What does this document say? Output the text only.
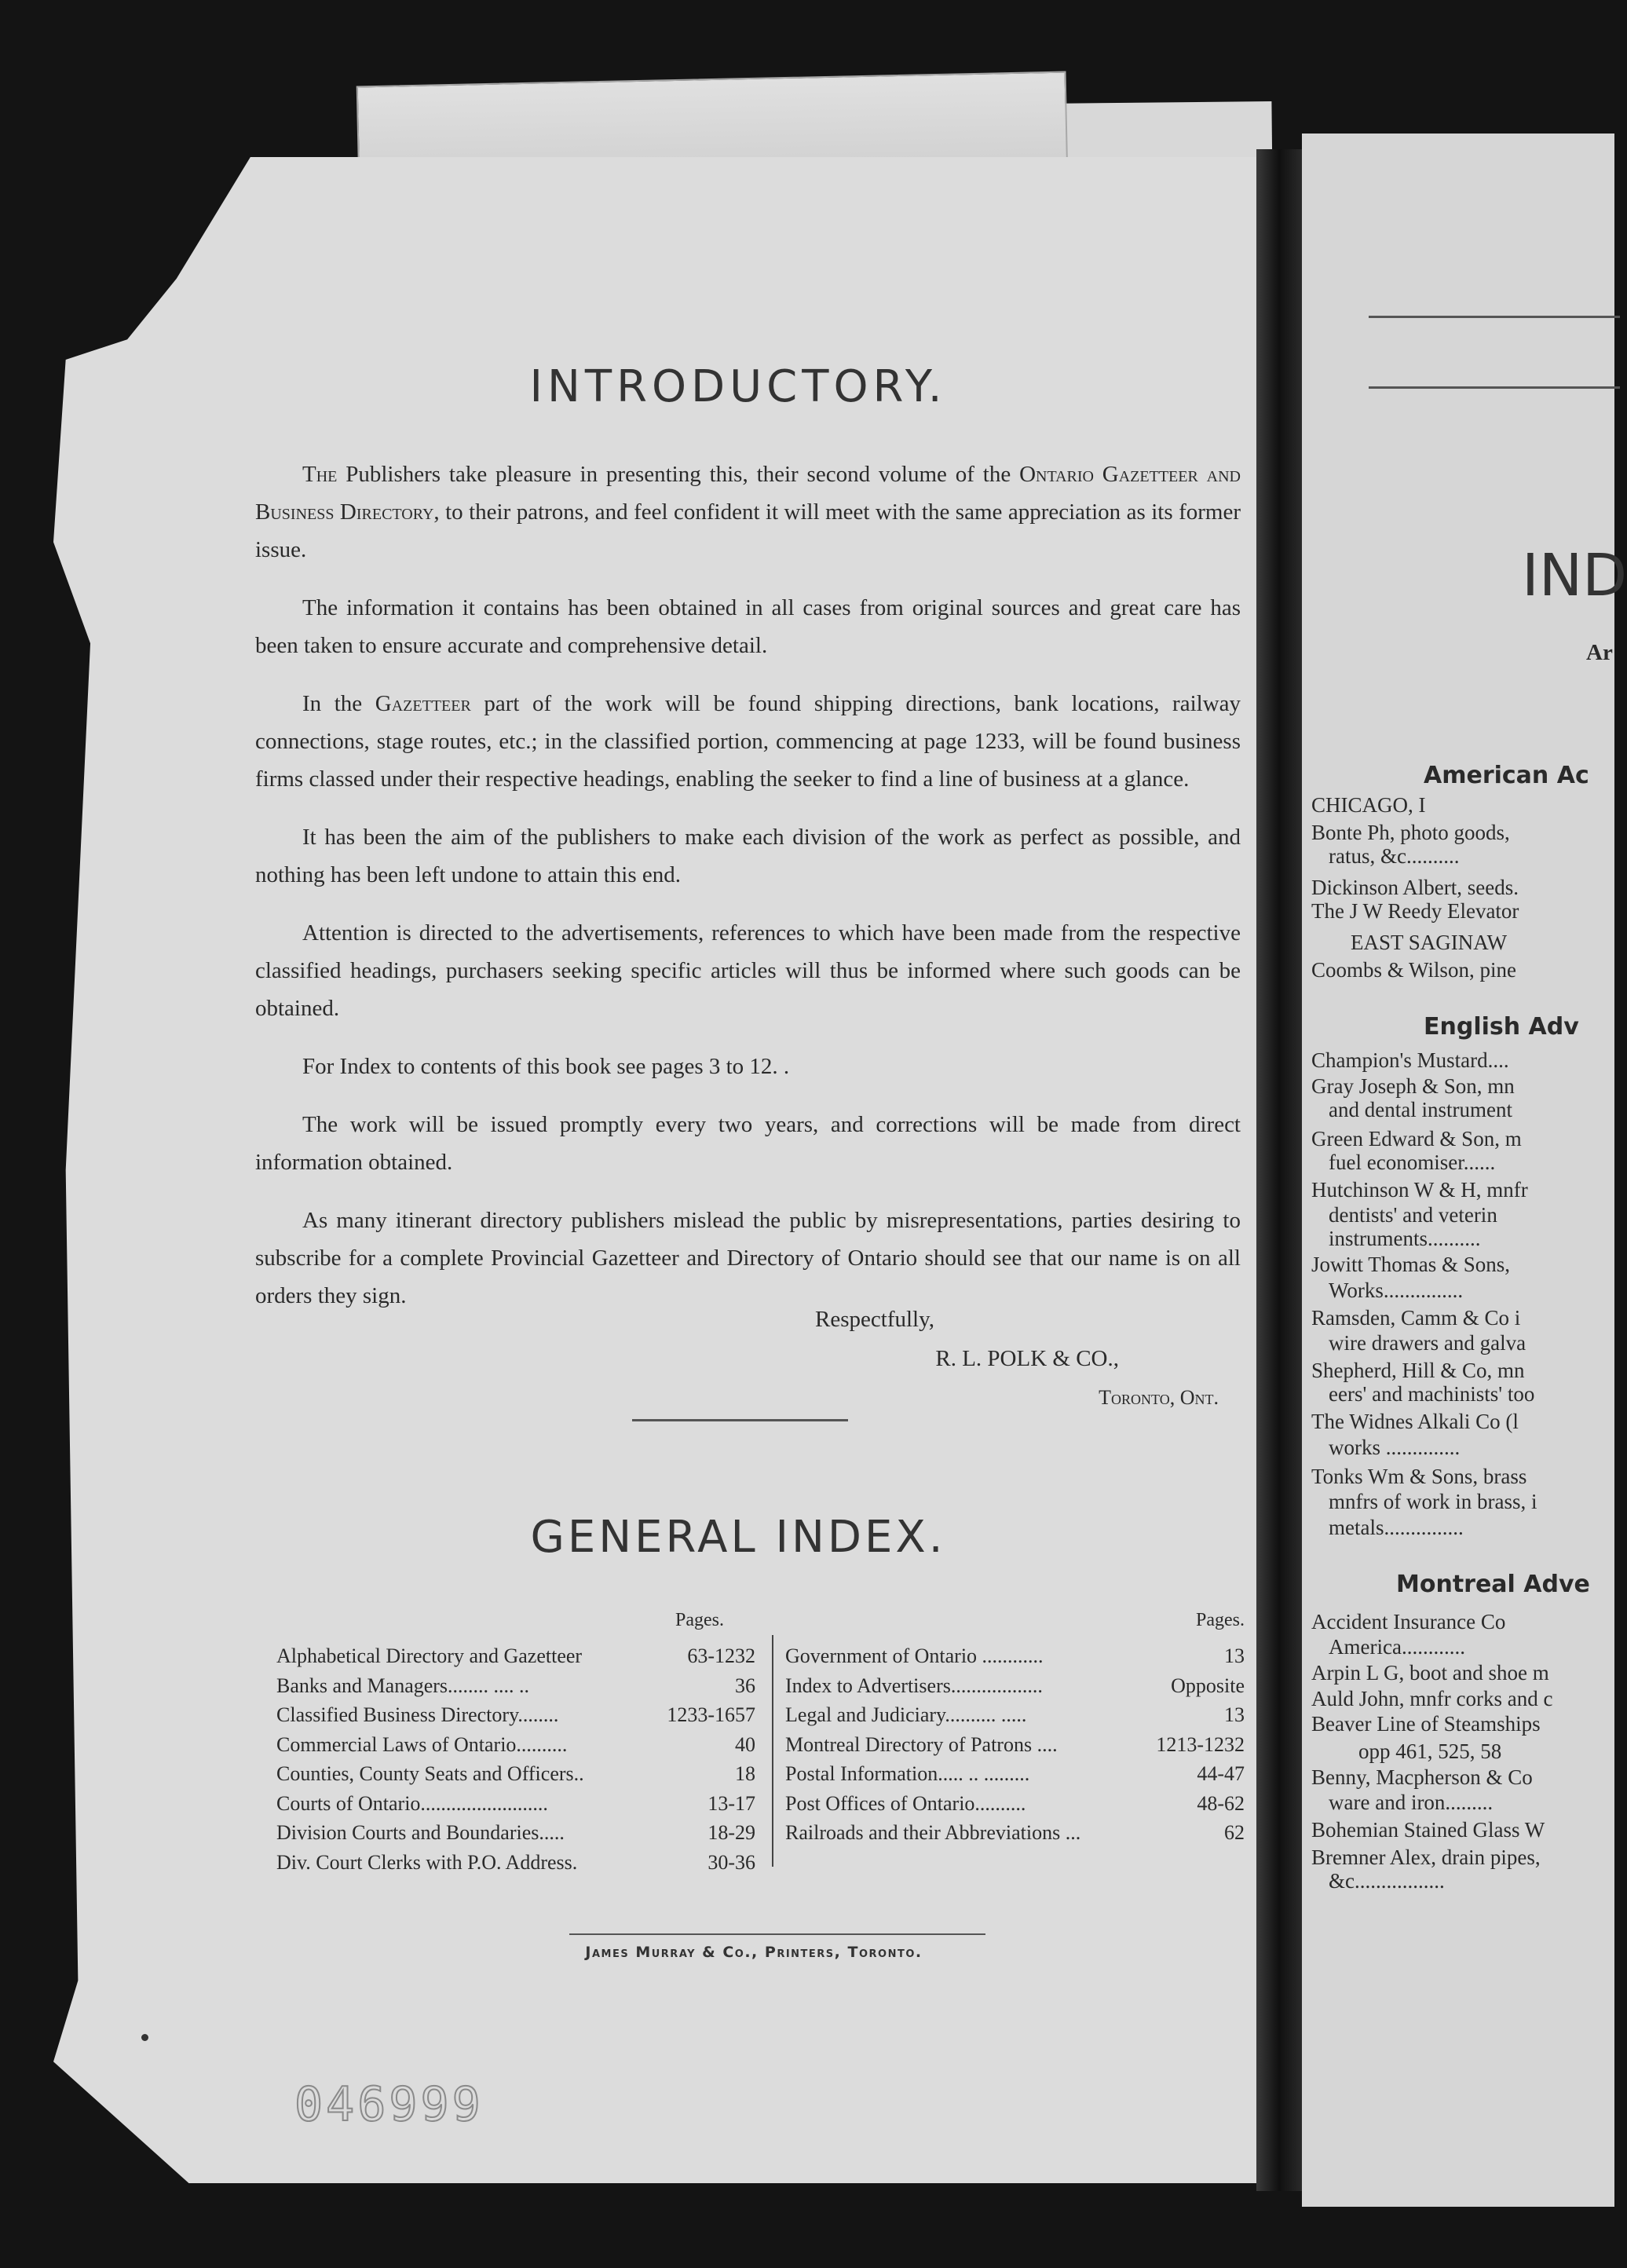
INTRODUCTORY.

The Publishers take pleasure in presenting this, their second volume of the Ontario Gazetteer and Business Directory, to their patrons, and feel confident it will meet with the same appreciation as its former issue.

The information it contains has been obtained in all cases from original sources and great care has been taken to ensure accurate and comprehensive detail.

In the Gazetteer part of the work will be found shipping directions, bank locations, railway connections, stage routes, etc.; in the classified portion, commencing at page 1233, will be found business firms classed under their respective headings, enabling the seeker to find a line of business at a glance.

It has been the aim of the publishers to make each division of the work as perfect as possible, and nothing has been left undone to attain this end.

Attention is directed to the advertisements, references to which have been made from the respective classified headings, purchasers seeking specific articles will thus be informed where such goods can be obtained.

For Index to contents of this book see pages 3 to 12. .

The work will be issued promptly every two years, and corrections will be made from direct information obtained.

As many itinerant directory publishers mislead the public by misrepresentations, parties desiring to subscribe for a complete Provincial Gazetteer and Directory of Ontario should see that our name is on all orders they sign.

Respectfully,
R. L. POLK & CO.,
Toronto, Ont.
GENERAL INDEX.
Pages.
Alphabetical Directory and Gazetteer	63-1232
Banks and Managers........ .... ..	36
Classified Business Directory........	1233-1657
Commercial Laws of Ontario..........	40
Counties, County Seats and Officers..	18
Courts of Ontario.........................	13-17
Division Courts and Boundaries.....	18-29
Div. Court Clerks with P.O. Address.	30-36
Pages.
Government of Ontario ............	13
Index to Advertisers..................	Opposite
Legal and Judiciary.......... .....	13
Montreal Directory of Patrons ....	1213-1232
Postal Information..... .. .........	44-47
Post Offices of Ontario..........	48-62
Railroads and their Abbreviations ...	62
James Murray & Co., Printers, Toronto.
046999
IND
Ar
American Ac
CHICAGO, I
Bonte Ph, photo goods,
ratus, &c..........
Dickinson Albert, seeds.
The J W Reedy Elevator
EAST SAGINAW
Coombs & Wilson, pine
English Adv
Champion's Mustard....
Gray Joseph & Son, mn
and dental instrument
Green Edward & Son, m
fuel economiser......
Hutchinson W & H, mnfr
dentists' and veterin
instruments..........
Jowitt Thomas & Sons,
Works...............
Ramsden, Camm & Co i
wire drawers and galva
Shepherd, Hill & Co, mn
eers' and machinists' too
The Widnes Alkali Co (l
works ..............
Tonks Wm & Sons, brass
mnfrs of work in brass, i
metals...............
Montreal Adve
Accident Insurance Co
America............
Arpin L G, boot and shoe m
Auld John, mnfr corks and c
Beaver Line of Steamships
opp 461, 525, 58
Benny, Macpherson & Co
ware and iron.........
Bohemian Stained Glass W
Bremner Alex, drain pipes,
&c.................
